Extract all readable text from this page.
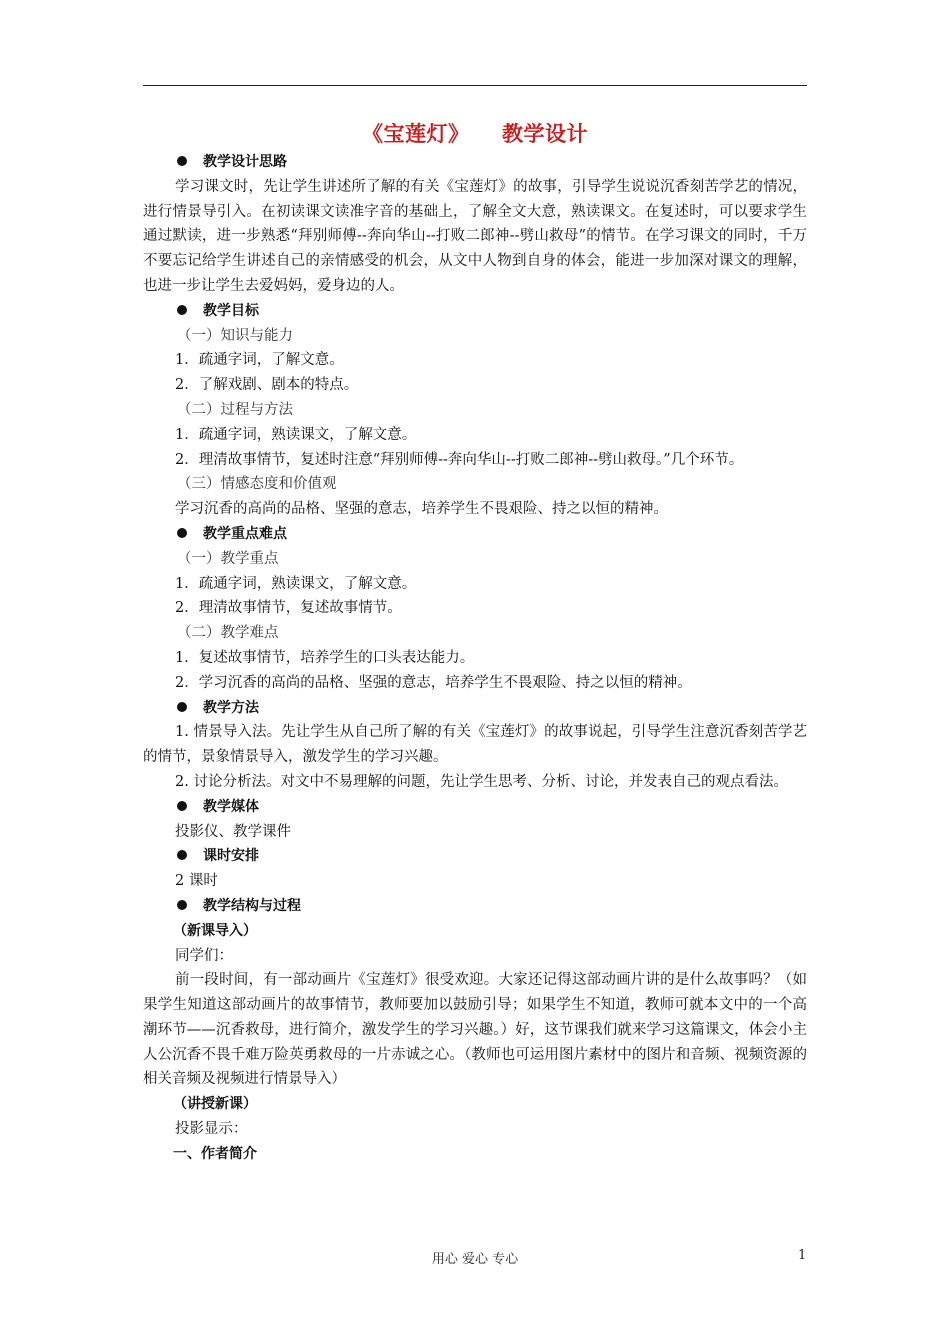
《宝莲灯》　　教学设计

教学设计思路

学习课文时，先让学生讲述所了解的有关《宝莲灯》的故事，引导学生说说沉香刻苦学艺的情况，进行情景导引入。在初读课文读准字音的基础上，了解全文大意，熟读课文。在复述时，可以要求学生通过默读，进一步熟悉“拜别师傅--奔向华山--打败二郎神--劈山救母”的情节。在学习课文的同时，千万不要忘记给学生讲述自己的亲情感受的机会，从文中人物到自身的体会，能进一步加深对课文的理解，也进一步让学生去爱妈妈，爱身边的人。

教学目标

（一）知识与能力

1．疏通字词，了解文意。

2．了解戏剧、剧本的特点。

（二）过程与方法

1．疏通字词，熟读课文，了解文意。

2．理清故事情节，复述时注意“拜别师傅--奔向华山--打败二郎神--劈山救母。”几个环节。

（三）情感态度和价值观

学习沉香的高尚的品格、坚强的意志，培养学生不畏艰险、持之以恒的精神。

教学重点难点

（一）教学重点

1．疏通字词，熟读课文，了解文意。

2．理清故事情节，复述故事情节。

（二）教学难点

1．复述故事情节，培养学生的口头表达能力。

2．学习沉香的高尚的品格、坚强的意志，培养学生不畏艰险、持之以恒的精神。

教学方法

1. 情景导入法。先让学生从自己所了解的有关《宝莲灯》的故事说起，引导学生注意沉香刻苦学艺的情节，景象情景导入，激发学生的学习兴趣。

2. 讨论分析法。对文中不易理解的问题，先让学生思考、分析、讨论，并发表自己的观点看法。

教学媒体

投影仪、教学课件

课时安排

2 课时

教学结构与过程

（新课导入）

同学们：

前一段时间，有一部动画片《宝莲灯》很受欢迎。大家还记得这部动画片讲的是什么故事吗？（如果学生知道这部动画片的故事情节，教师要加以鼓励引导；如果学生不知道，教师可就本文中的一个高潮环节——沉香救母，进行简介，激发学生的学习兴趣。）好，这节课我们就来学习这篇课文，体会小主人公沉香不畏千难万险英勇救母的一片赤诚之心。（教师也可运用图片素材中的图片和音频、视频资源的相关音频及视频进行情景导入）

（讲授新课）

投影显示：

一、作者简介

用心 爱心 专心	1
